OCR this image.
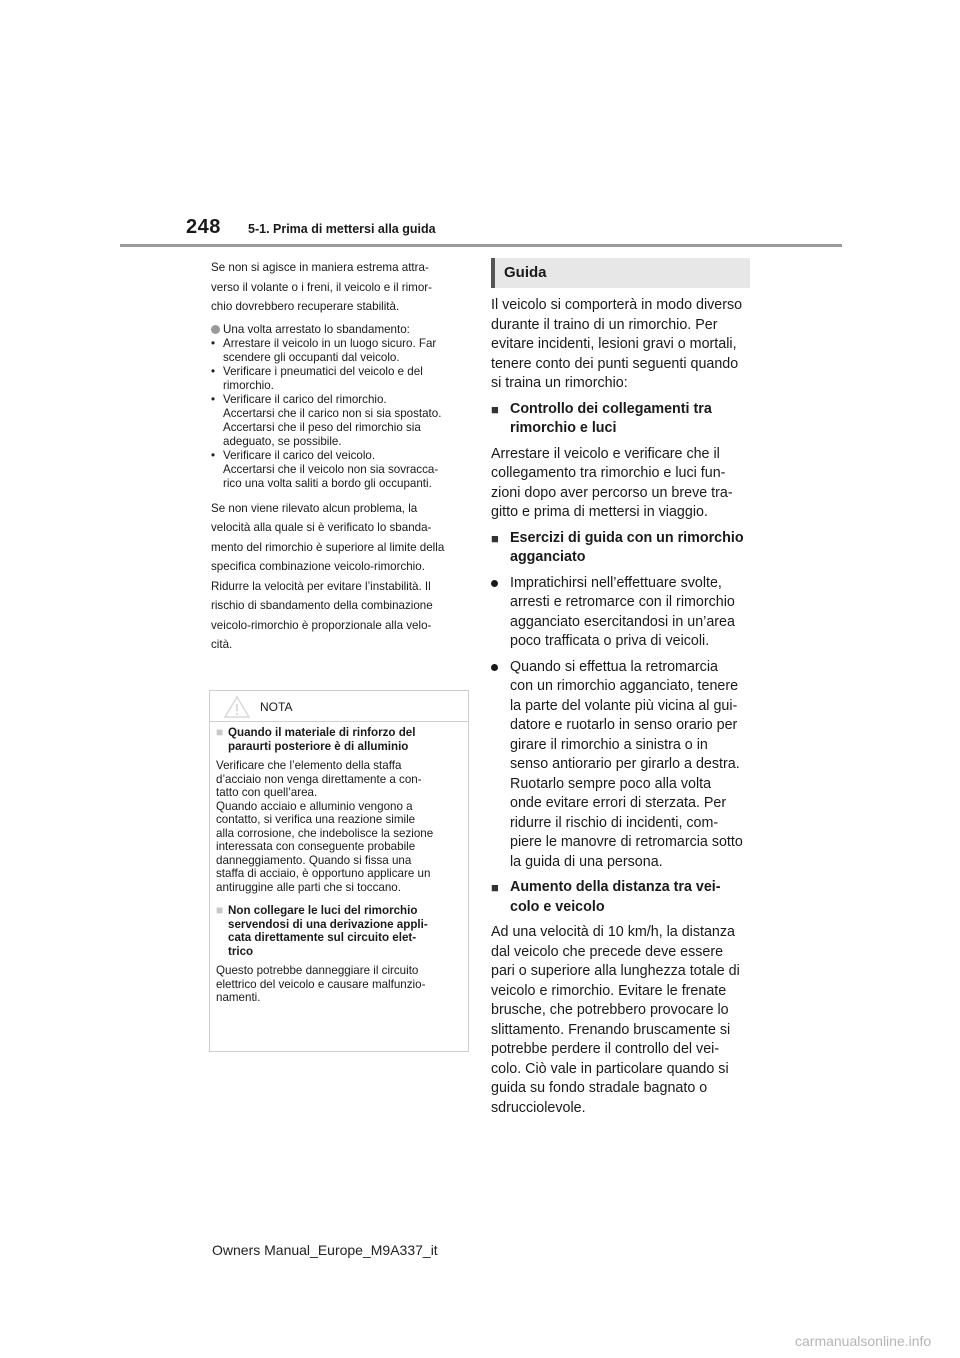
248 5-1. Prima di mettersi alla guida

Se non si agisce in maniera estrema attra-
verso il volante o i freni, il veicolo e il rimor-
chio dovrebbero recuperare stabilità.

Una volta arrestato lo sbandamento:
• Arrestare il veicolo in un luogo sicuro. Far
scendere gli occupanti dal veicolo.
• Verificare i pneumatici del veicolo e del
rimorchio.
• Verificare il carico del rimorchio.
Accertarsi che il carico non si sia spostato.
Accertarsi che il peso del rimorchio sia
adeguato, se possibile.
• Verificare il carico del veicolo.
Accertarsi che il veicolo non sia sovracca-
rico una volta saliti a bordo gli occupanti.

Se non viene rilevato alcun problema, la
velocità alla quale si è verificato lo sbanda-
mento del rimorchio è superiore al limite della
specifica combinazione veicolo-rimorchio.
Ridurre la velocità per evitare l’instabilità. Il
rischio di sbandamento della combinazione
veicolo-rimorchio è proporzionale alla velo-
cità.

NOTA
■ Quando il materiale di rinforzo del
paraurti posteriore è di alluminio
Verificare che l’elemento della staffa
d’acciaio non venga direttamente a con-
tatto con quell’area.
Quando acciaio e alluminio vengono a
contatto, si verifica una reazione simile
alla corrosione, che indebolisce la sezione
interessata con conseguente probabile
danneggiamento. Quando si fissa una
staffa di acciaio, è opportuno applicare un
antiruggine alle parti che si toccano.
■ Non collegare le luci del rimorchio
servendosi di una derivazione appli-
cata direttamente sul circuito elet-
trico
Questo potrebbe danneggiare il circuito
elettrico del veicolo e causare malfunzio-
namenti.
Guida

Il veicolo si comporterà in modo diverso
durante il traino di un rimorchio. Per
evitare incidenti, lesioni gravi o mortali,
tenere conto dei punti seguenti quando
si traina un rimorchio:

■ Controllo dei collegamenti tra
rimorchio e luci

Arrestare il veicolo e verificare che il
collegamento tra rimorchio e luci fun-
zioni dopo aver percorso un breve tra-
gitto e prima di mettersi in viaggio.

■ Esercizi di guida con un rimorchio
agganciato
Impratichirsi nell’effettuare svolte,
arresti e retromarce con il rimorchio
agganciato esercitandosi in un’area
poco trafficata o priva di veicoli.
Quando si effettua la retromarcia
con un rimorchio agganciato, tenere
la parte del volante più vicina al gui-
datore e ruotarlo in senso orario per
girare il rimorchio a sinistra o in
senso antiorario per girarlo a destra.
Ruotarlo sempre poco alla volta
onde evitare errori di sterzata. Per
ridurre il rischio di incidenti, com-
piere le manovre di retromarcia sotto
la guida di una persona.
■ Aumento della distanza tra vei-
colo e veicolo

Ad una velocità di 10 km/h, la distanza
dal veicolo che precede deve essere
pari o superiore alla lunghezza totale di
veicolo e rimorchio. Evitare le frenate
brusche, che potrebbero provocare lo
slittamento. Frenando bruscamente si
potrebbe perdere il controllo del vei-
colo. Ciò vale in particolare quando si
guida su fondo stradale bagnato o
sdrucciolevole.

Owners Manual_Europe_M9A337_it
carmanualsonline.info
